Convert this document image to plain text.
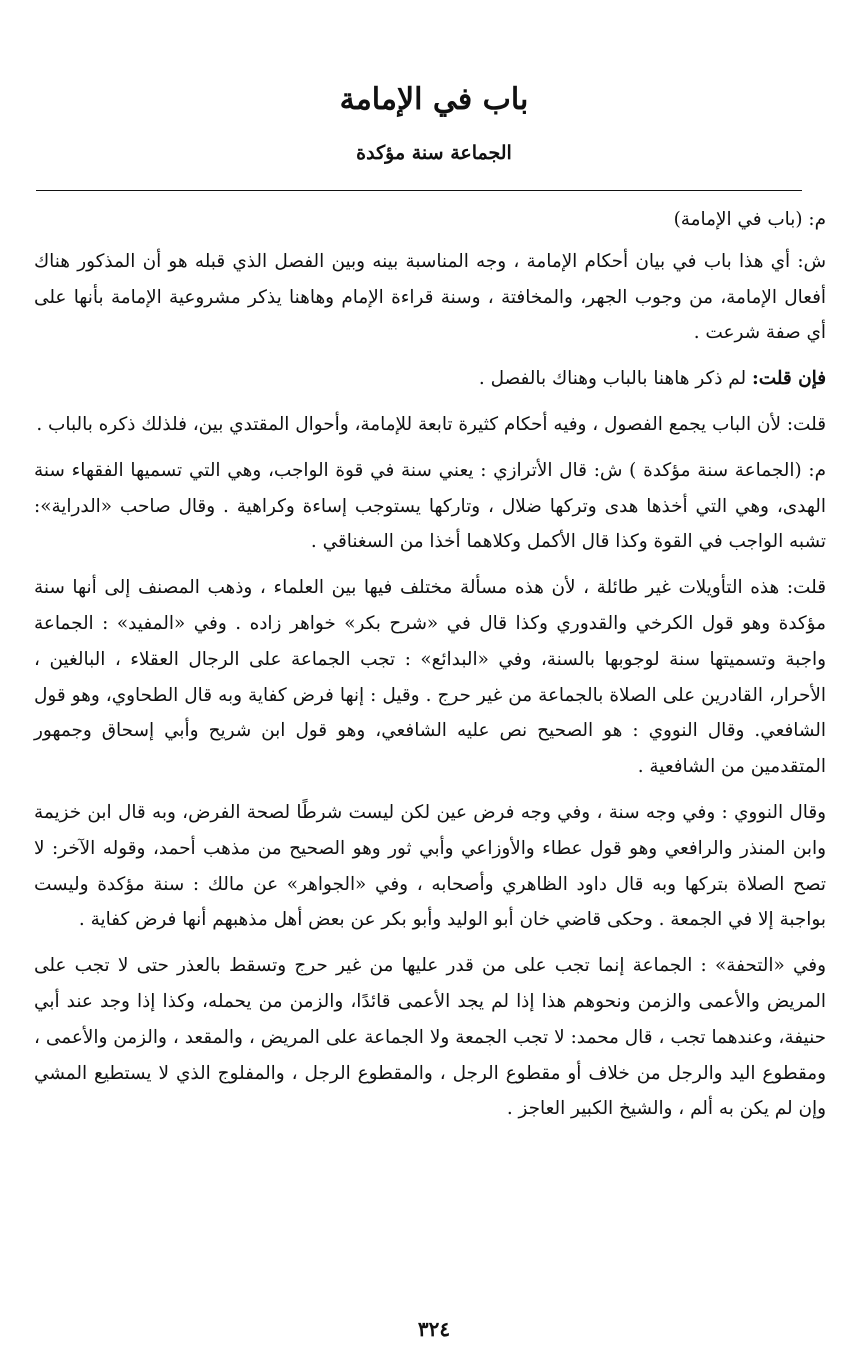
باب في الإمامة
الجماعة سنة مؤكدة

م: (باب في الإمامة)

ش: أي هذا باب في بيان أحكام الإمامة ، وجه المناسبة بينه وبين الفصل الذي قبله هو أن المذكور هناك أفعال الإمامة، من وجوب الجهر، والمخافتة ، وسنة قراءة الإمام وهاهنا يذكر مشروعية الإمامة بأنها على أي صفة شرعت .

فإن قلت: لم ذكر هاهنا بالباب وهناك بالفصل .

قلت: لأن الباب يجمع الفصول ، وفيه أحكام كثيرة تابعة للإمامة، وأحوال المقتدي بين، فلذلك ذكره بالباب .

م: (الجماعة سنة مؤكدة ) ش: قال الأترازي : يعني سنة في قوة الواجب، وهي التي تسميها الفقهاء سنة الهدى، وهي التي أخذها هدى وتركها ضلال ، وتاركها يستوجب إساءة وكراهية . وقال صاحب «الدراية»: تشبه الواجب في القوة وكذا قال الأكمل وكلاهما أخذا من السغناقي .

قلت: هذه التأويلات غير طائلة ، لأن هذه مسألة مختلف فيها بين العلماء ، وذهب المصنف إلى أنها سنة مؤكدة وهو قول الكرخي والقدوري وكذا قال في «شرح بكر» خواهر زاده . وفي «المفيد» : الجماعة واجبة وتسميتها سنة لوجوبها بالسنة، وفي «البدائع» : تجب الجماعة على الرجال العقلاء ، البالغين ، الأحرار، القادرين على الصلاة بالجماعة من غير حرج . وقيل : إنها فرض كفاية وبه قال الطحاوي، وهو قول الشافعي. وقال النووي : هو الصحيح نص عليه الشافعي، وهو قول ابن شريح وأبي إسحاق وجمهور المتقدمين من الشافعية .

وقال النووي : وفي وجه سنة ، وفي وجه فرض عين لكن ليست شرطًا لصحة الفرض، وبه قال ابن خزيمة وابن المنذر والرافعي وهو قول عطاء والأوزاعي وأبي ثور وهو الصحيح من مذهب أحمد، وقوله الآخر: لا تصح الصلاة بتركها وبه قال داود الظاهري وأصحابه ، وفي «الجواهر» عن مالك : سنة مؤكدة وليست بواجبة إلا في الجمعة . وحكى قاضي خان أبو الوليد وأبو بكر عن بعض أهل مذهبهم أنها فرض كفاية .

وفي «التحفة» : الجماعة إنما تجب على من قدر عليها من غير حرج وتسقط بالعذر حتى لا تجب على المريض والأعمى والزمن ونحوهم هذا إذا لم يجد الأعمى قائدًا، والزمن من يحمله، وكذا إذا وجد عند أبي حنيفة، وعندهما تجب ، قال محمد: لا تجب الجمعة ولا الجماعة على المريض ، والمقعد ، والزمن والأعمى ، ومقطوع اليد والرجل من خلاف أو مقطوع الرجل ، والمقطوع الرجل ، والمفلوج الذي لا يستطيع المشي وإن لم يكن به ألم ، والشيخ الكبير العاجز .

٣٢٤
